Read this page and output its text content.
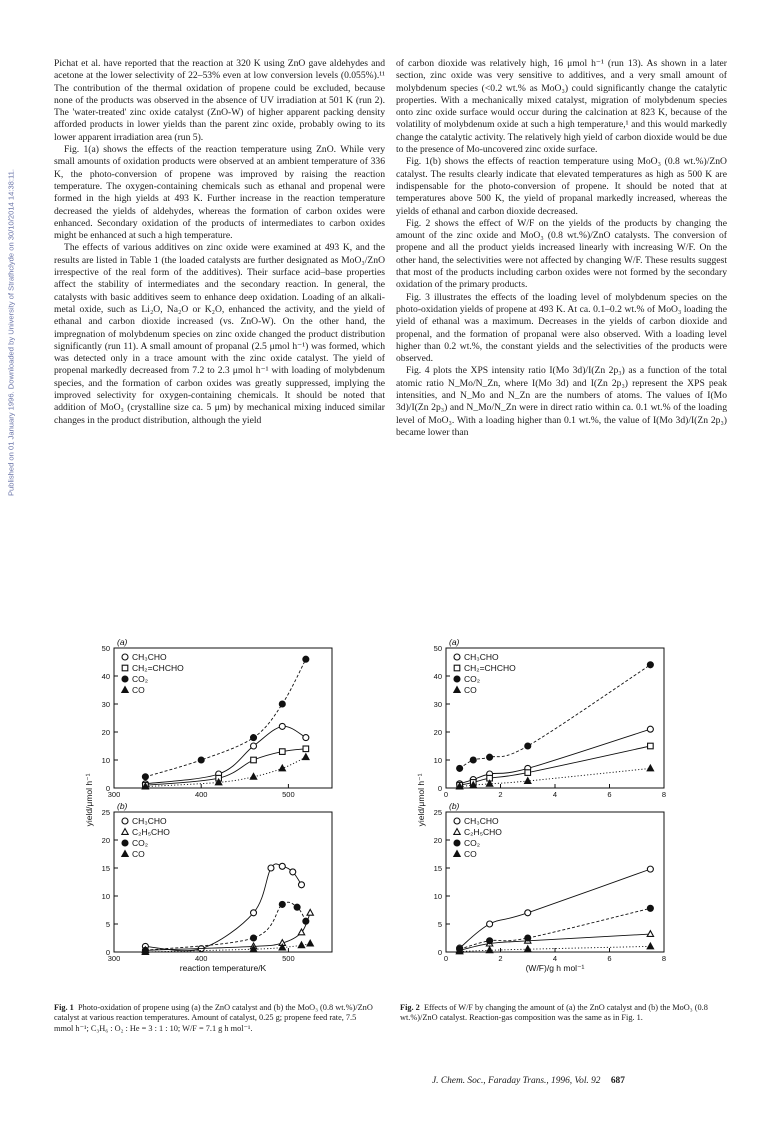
Published on 01 January 1996. Downloaded by University of Strathclyde on 30/10/2014 14:38:11.

Pichat et al. have reported that the reaction at 320 K using ZnO gave aldehydes and acetone at the lower selectivity of 22–53% even at low conversion levels (0.055%).¹¹ The contribution of the thermal oxidation of propene could be excluded, because none of the products was observed in the absence of UV irradiation at 501 K (run 2). The 'water-treated' zinc oxide catalyst (ZnO-W) of higher apparent packing density afforded products in lower yields than the parent zinc oxide, probably owing to its lower apparent irradiation area (run 5).

Fig. 1(a) shows the effects of the reaction temperature using ZnO. While very small amounts of oxidation products were observed at an ambient temperature of 336 K, the photo-conversion of propene was improved by raising the reaction temperature. The oxygen-containing chemicals such as ethanal and propenal were formed in the high yields at 493 K. Further increase in the reaction temperature decreased the yields of aldehydes, whereas the formation of carbon oxides were enhanced. Secondary oxidation of the products of intermediates to carbon oxides might be enhanced at such a high temperature.

The effects of various additives on zinc oxide were examined at 493 K, and the results are listed in Table 1 (the loaded catalysts are further designated as MoO₃/ZnO irrespective of the real form of the additives). Their surface acid–base properties affect the stability of intermediates and the secondary reaction. In general, the catalysts with basic additives seem to enhance deep oxidation. Loading of an alkali-metal oxide, such as Li₂O, Na₂O or K₂O, enhanced the activity, and the yield of ethanal and carbon dioxide increased (vs. ZnO-W). On the other hand, the impregnation of molybdenum species on zinc oxide changed the product distribution significantly (run 11). A small amount of propanal (2.5 μmol h⁻¹) was formed, which was detected only in a trace amount with the zinc oxide catalyst. The yield of propenal markedly decreased from 7.2 to 2.3 μmol h⁻¹ with loading of molybdenum species, and the formation of carbon oxides was greatly suppressed, implying the improved selectivity for oxygen-containing chemicals. It should be noted that addition of MoO₃ (crystalline size ca. 5 μm) by mechanical mixing induced similar changes in the product distribution, although the yield

of carbon dioxide was relatively high, 16 μmol h⁻¹ (run 13). As shown in a later section, zinc oxide was very sensitive to additives, and a very small amount of molybdenum species (<0.2 wt.% as MoO₃) could significantly change the catalytic properties. With a mechanically mixed catalyst, migration of molybdenum species onto zinc oxide surface would occur during the calcination at 823 K, because of the volatility of molybdenum oxide at such a high temperature,¹ and this would markedly change the catalytic activity. The relatively high yield of carbon dioxide would be due to the presence of Mo-uncovered zinc oxide surface.

Fig. 1(b) shows the effects of reaction temperature using MoO₃ (0.8 wt.%)/ZnO catalyst. The results clearly indicate that elevated temperatures as high as 500 K are indispensable for the photo-conversion of propene. It should be noted that at temperatures above 500 K, the yield of propanal markedly increased, whereas the yields of ethanal and carbon dioxide decreased.

Fig. 2 shows the effect of W/F on the yields of the products by changing the amount of the zinc oxide and MoO₃ (0.8 wt.%)/ZnO catalysts. The conversion of propene and all the product yields increased linearly with increasing W/F. On the other hand, the selectivities were not affected by changing W/F. These results suggest that most of the products including carbon oxides were not formed by the secondary oxidation of the primary products.

Fig. 3 illustrates the effects of the loading level of molybdenum species on the photo-oxidation yields of propene at 493 K. At ca. 0.1–0.2 wt.% of MoO₃ loading the yield of ethanal was a maximum. Decreases in the yields of carbon dioxide and propenal, and the formation of propanal were also observed. With a loading level higher than 0.2 wt.%, the constant yields and the selectivities of the products were observed.

Fig. 4 plots the XPS intensity ratio I(Mo 3d)/I(Zn 2p₃) as a function of the total atomic ratio N_Mo/N_Zn, where I(Mo 3d) and I(Zn 2p₃) represent the XPS peak intensities, and N_Mo and N_Zn are the numbers of atoms. The values of I(Mo 3d)/I(Zn 2p₃) and N_Mo/N_Zn were in direct ratio within ca. 0.1 wt.% of the loading level of MoO₃. With a loading higher than 0.1 wt.%, the value of I(Mo 3d)/I(Zn 2p₃) became lower than

0
10
20
30
40
50
300	400	500
(a)
CH₃CHO
CH₂=CHCHO
CO₂
CO
0
5
10
15
20
25
300	400	500
(b)
CH₃CHO
C₂H₅CHO
CO₂
CO
reaction temperature/K
yield/μmol h⁻¹	0
10
20
30
40
50
0	2	4	6	8
(a)
CH₃CHO
CH₂=CHCHO
CO₂
CO
0
5
10
15
20
25
0	2	4	6	8
(b)
CH₃CHO
C₂H₅CHO
CO₂
CO
(W/F)/g h mol⁻¹
yield/μmol h⁻¹
Fig. 1 Photo-oxidation of propene using (a) the ZnO catalyst and (b) the MoO₃ (0.8 wt.%)/ZnO catalyst at various reaction temperatures. Amount of catalyst, 0.25 g; propene feed rate, 7.5 mmol h⁻¹; C₃H₆ : O₂ : He = 3 : 1 : 10; W/F = 7.1 g h mol⁻¹.
Fig. 2 Effects of W/F by changing the amount of (a) the ZnO catalyst and (b) the MoO₃ (0.8 wt.%)/ZnO catalyst. Reaction-gas composition was the same as in Fig. 1.
J. Chem. Soc., Faraday Trans., 1996, Vol. 92 687
